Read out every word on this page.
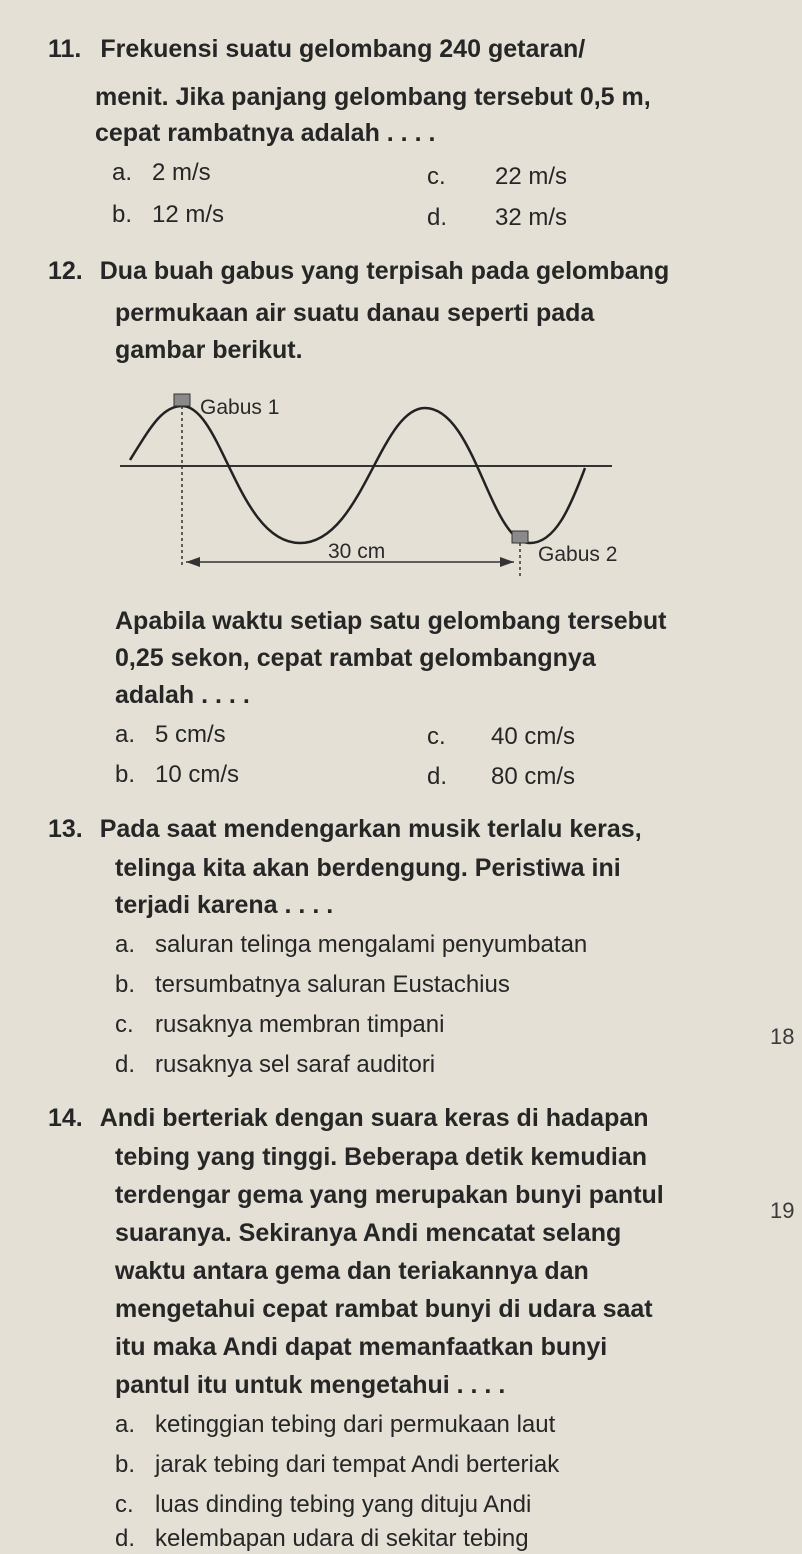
11. Frekuensi suatu gelombang 240 getaran/
menit. Jika panjang gelombang tersebut 0,5 m,
cepat rambatnya adalah . . . .
a. 2 m/s
b. 12 m/s
c. 22 m/s
d. 32 m/s
12. Dua buah gabus yang terpisah pada gelombang
permukaan air suatu danau seperti pada
gambar berikut.
Gabus 1
30 cm	Gabus 2
Apabila waktu setiap satu gelombang tersebut
0,25 sekon, cepat rambat gelombangnya
adalah . . . .
a. 5 cm/s
b. 10 cm/s
c. 40 cm/s
d. 80 cm/s
13. Pada saat mendengarkan musik terlalu keras,
telinga kita akan berdengung. Peristiwa ini
terjadi karena . . . .
a. saluran telinga mengalami penyumbatan
b. tersumbatnya saluran Eustachius
c. rusaknya membran timpani
d. rusaknya sel saraf auditori
14. Andi berteriak dengan suara keras di hadapan
tebing yang tinggi. Beberapa detik kemudian
terdengar gema yang merupakan bunyi pantul
suaranya. Sekiranya Andi mencatat selang
waktu antara gema dan teriakannya dan
mengetahui cepat rambat bunyi di udara saat
itu maka Andi dapat memanfaatkan bunyi
pantul itu untuk mengetahui . . . .
a. ketinggian tebing dari permukaan laut
b. jarak tebing dari tempat Andi berteriak
c. luas dinding tebing yang dituju Andi
d. kelembapan udara di sekitar tebing
18
19
